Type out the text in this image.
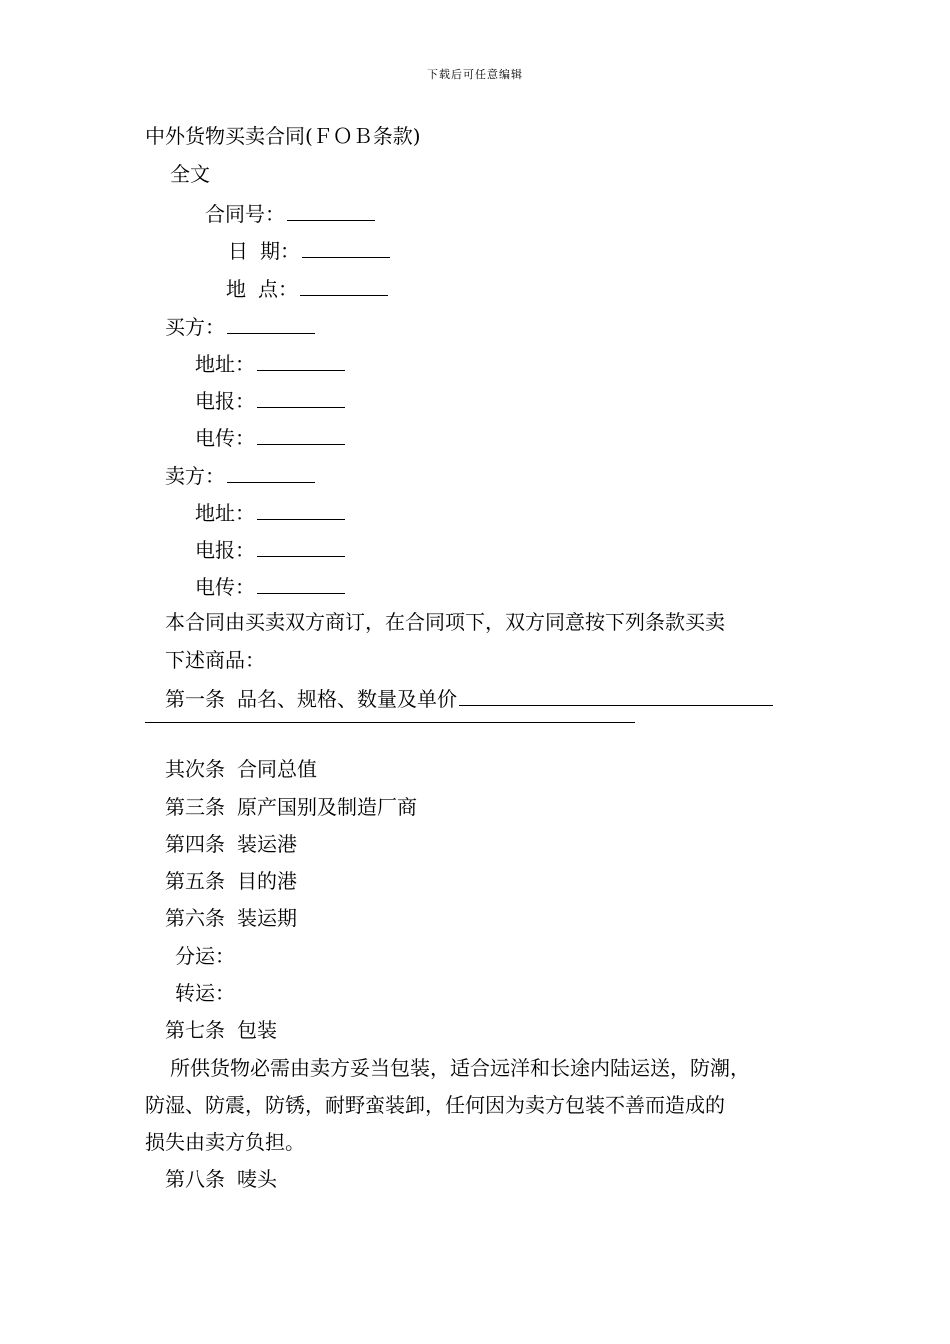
下载后可任意编辑
中外货物买卖合同(ＦＯＢ条款)
全文
合同号：
日 期：
地 点：
买方：
地址：
电报：
电传：
卖方：
地址：
电报：
电传：
本合同由买卖双方商订，在合同项下，双方同意按下列条款买卖
下述商品：
第一条 品名、规格、数量及单价
其次条 合同总值
第三条 原产国别及制造厂商
第四条 装运港
第五条 目的港
第六条 装运期
分运：
转运：
第七条 包装
所供货物必需由卖方妥当包装，适合远洋和长途内陆运送，防潮，
防湿、防震，防锈，耐野蛮装卸，任何因为卖方包装不善而造成的
损失由卖方负担。
第八条 唛头
